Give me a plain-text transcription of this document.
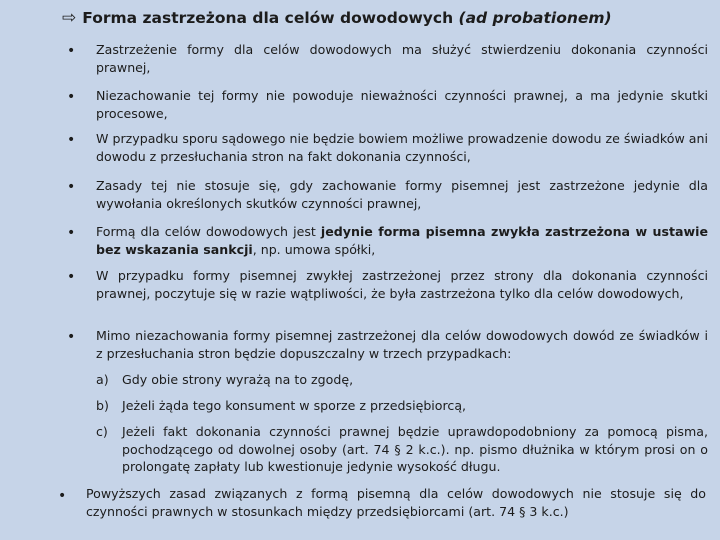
⇨ Forma zastrzeżona dla celów dowodowych
(ad probationem)
• Zastrzeżenie formy dla celów dowodowych ma służyć stwierdzeniu dokonania czynności prawnej,
• Niezachowanie tej formy nie powoduje nieważności czynności prawnej, a ma jedynie skutki procesowe,
• W przypadku sporu sądowego nie będzie bowiem możliwe prowadzenie dowodu ze świadków ani dowodu z przesłuchania stron na fakt dokonania czynności,
• Zasady tej nie stosuje się, gdy zachowanie formy pisemnej jest zastrzeżone jedynie dla wywołania określonych skutków czynności prawnej,
• Formą dla celów dowodowych jest jedynie forma pisemna zwykła zastrzeżona w ustawie bez wskazania sankcji, np. umowa spółki,
• W przypadku formy pisemnej zwykłej zastrzeżonej przez strony dla dokonania czynności prawnej, poczytuje się w razie wątpliwości, że była zastrzeżona tylko dla celów dowodowych,
• Mimo niezachowania formy pisemnej zastrzeżonej dla celów dowodowych dowód ze świadków i z przesłuchania stron będzie dopuszczalny w trzech przypadkach:
a) Gdy obie strony wyrażą na to zgodę,
b) Jeżeli żąda tego konsument w sporze z przedsiębiorcą,
c) Jeżeli fakt dokonania czynności prawnej będzie uprawdopodobniony za pomocą pisma, pochodzącego od dowolnej osoby (art. 74 § 2 k.c.). np. pismo dłużnika w którym prosi on o prolongatę zapłaty lub kwestionuje jedynie wysokość długu.
• Powyższych zasad związanych z formą pisemną dla celów dowodowych nie stosuje się do czynności prawnych w stosunkach między przedsiębiorcami (art. 74 § 3 k.c.)
